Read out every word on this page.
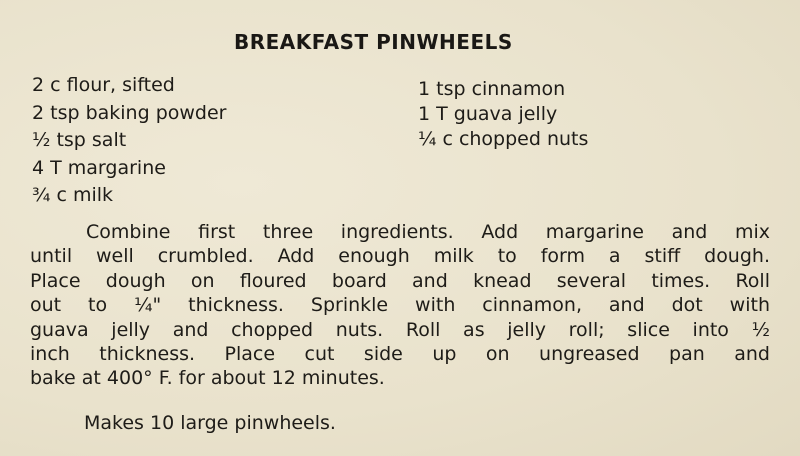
BREAKFAST PINWHEELS
2 c flour, sifted
2 tsp baking powder
½ tsp salt
4 T margarine
¾ c milk
1 tsp cinnamon
1 T guava jelly
¼ c chopped nuts
Combine first three ingredients. Add margarine and mix
until well crumbled. Add enough milk to form a stiff dough.
Place dough on floured board and knead several times. Roll
out to ¼" thickness. Sprinkle with cinnamon, and dot with
guava jelly and chopped nuts. Roll as jelly roll; slice into ½
inch thickness. Place cut side up on ungreased pan and
bake at 400° F. for about 12 minutes.
Makes 10 large pinwheels.
